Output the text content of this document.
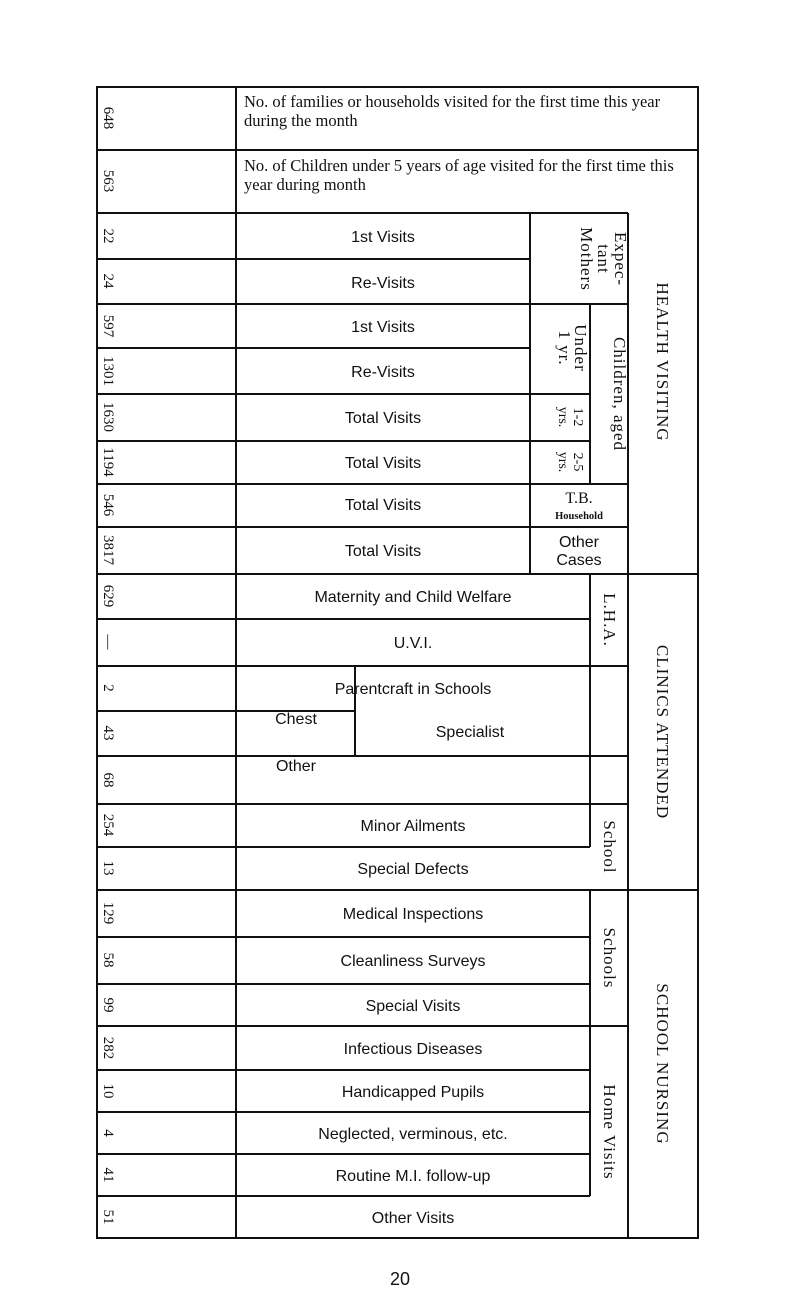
648
563
22
24
597
1301
1630
1194
546
3817
629
—
2
43
68
254
13
129
58
99
282
10
4
41
51
No. of families or households visited for the first time this year during the month
No. of Children under 5 years of age visited for the first time this year during month
1st Visits
Re-Visits
1st Visits
Re-Visits
Total Visits
Total Visits
Total Visits
Total Visits
Maternity and Child Welfare
U.V.I.
Parentcraft in Schools
Chest
Other
Minor Ailments
Special Defects
Medical Inspections
Cleanliness Surveys
Special Visits
Infectious Diseases
Handicapped Pupils
Neglected, verminous, etc.
Routine M.I. follow-up
Other Visits
Expec-
tant
Mothers
Under
1 yr. Children, aged
1-2
yrs.
2-5
yrs.
T.B.
Household
Other
Cases
L.H.A.
Specialist
School
Schools
Home Visits
HEALTH VISITING
CLINICS ATTENDED
SCHOOL NURSING
20
